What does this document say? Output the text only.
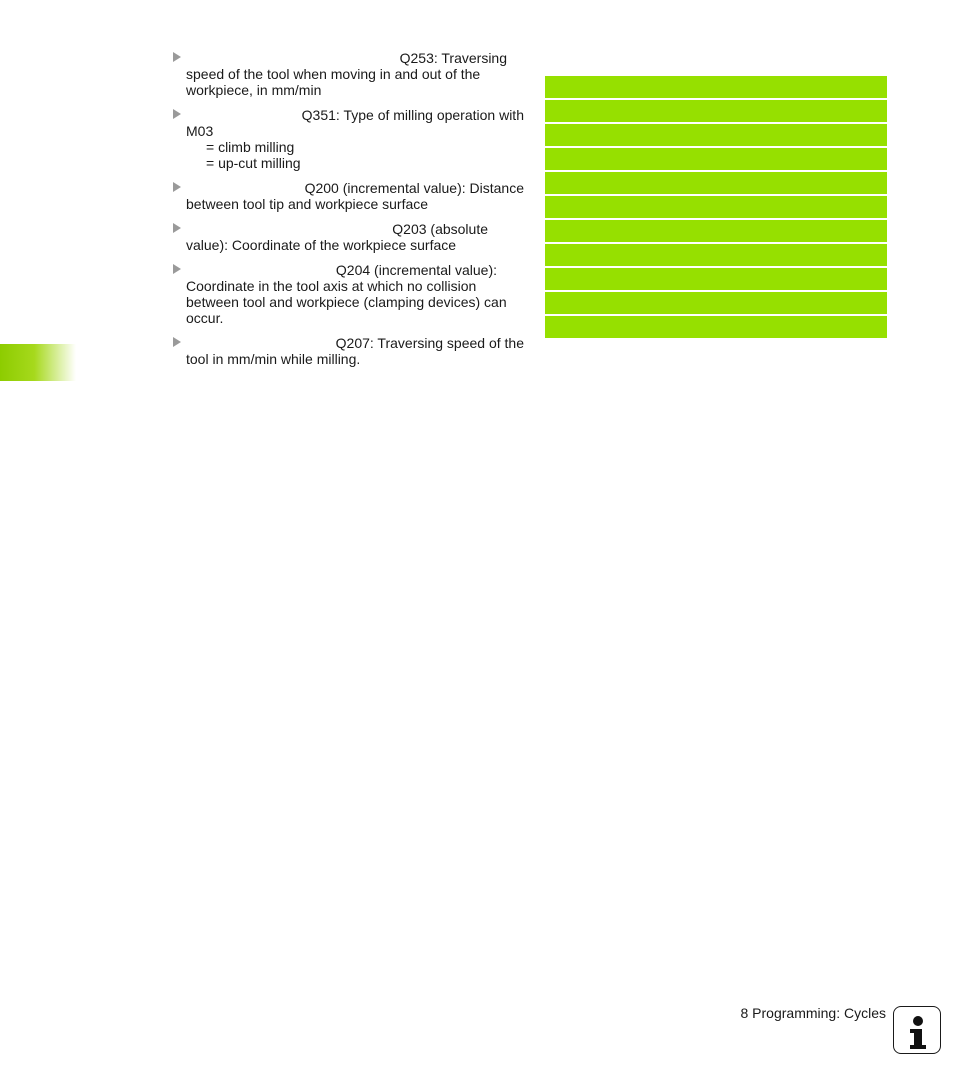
Q253: Traversing
speed of the tool when moving in and out of the
workpiece, in mm/min
Q351: Type of milling operation with
M03
= climb milling
= up-cut milling
Q200 (incremental value): Distance
between tool tip and workpiece surface
Q203 (absolute
value): Coordinate of the workpiece surface
Q204 (incremental value):
Coordinate in the tool axis at which no collision
between tool and workpiece (clamping devices) can
occur.
Q207: Traversing speed of the
tool in mm/min while milling.
8 Programming: Cycles
